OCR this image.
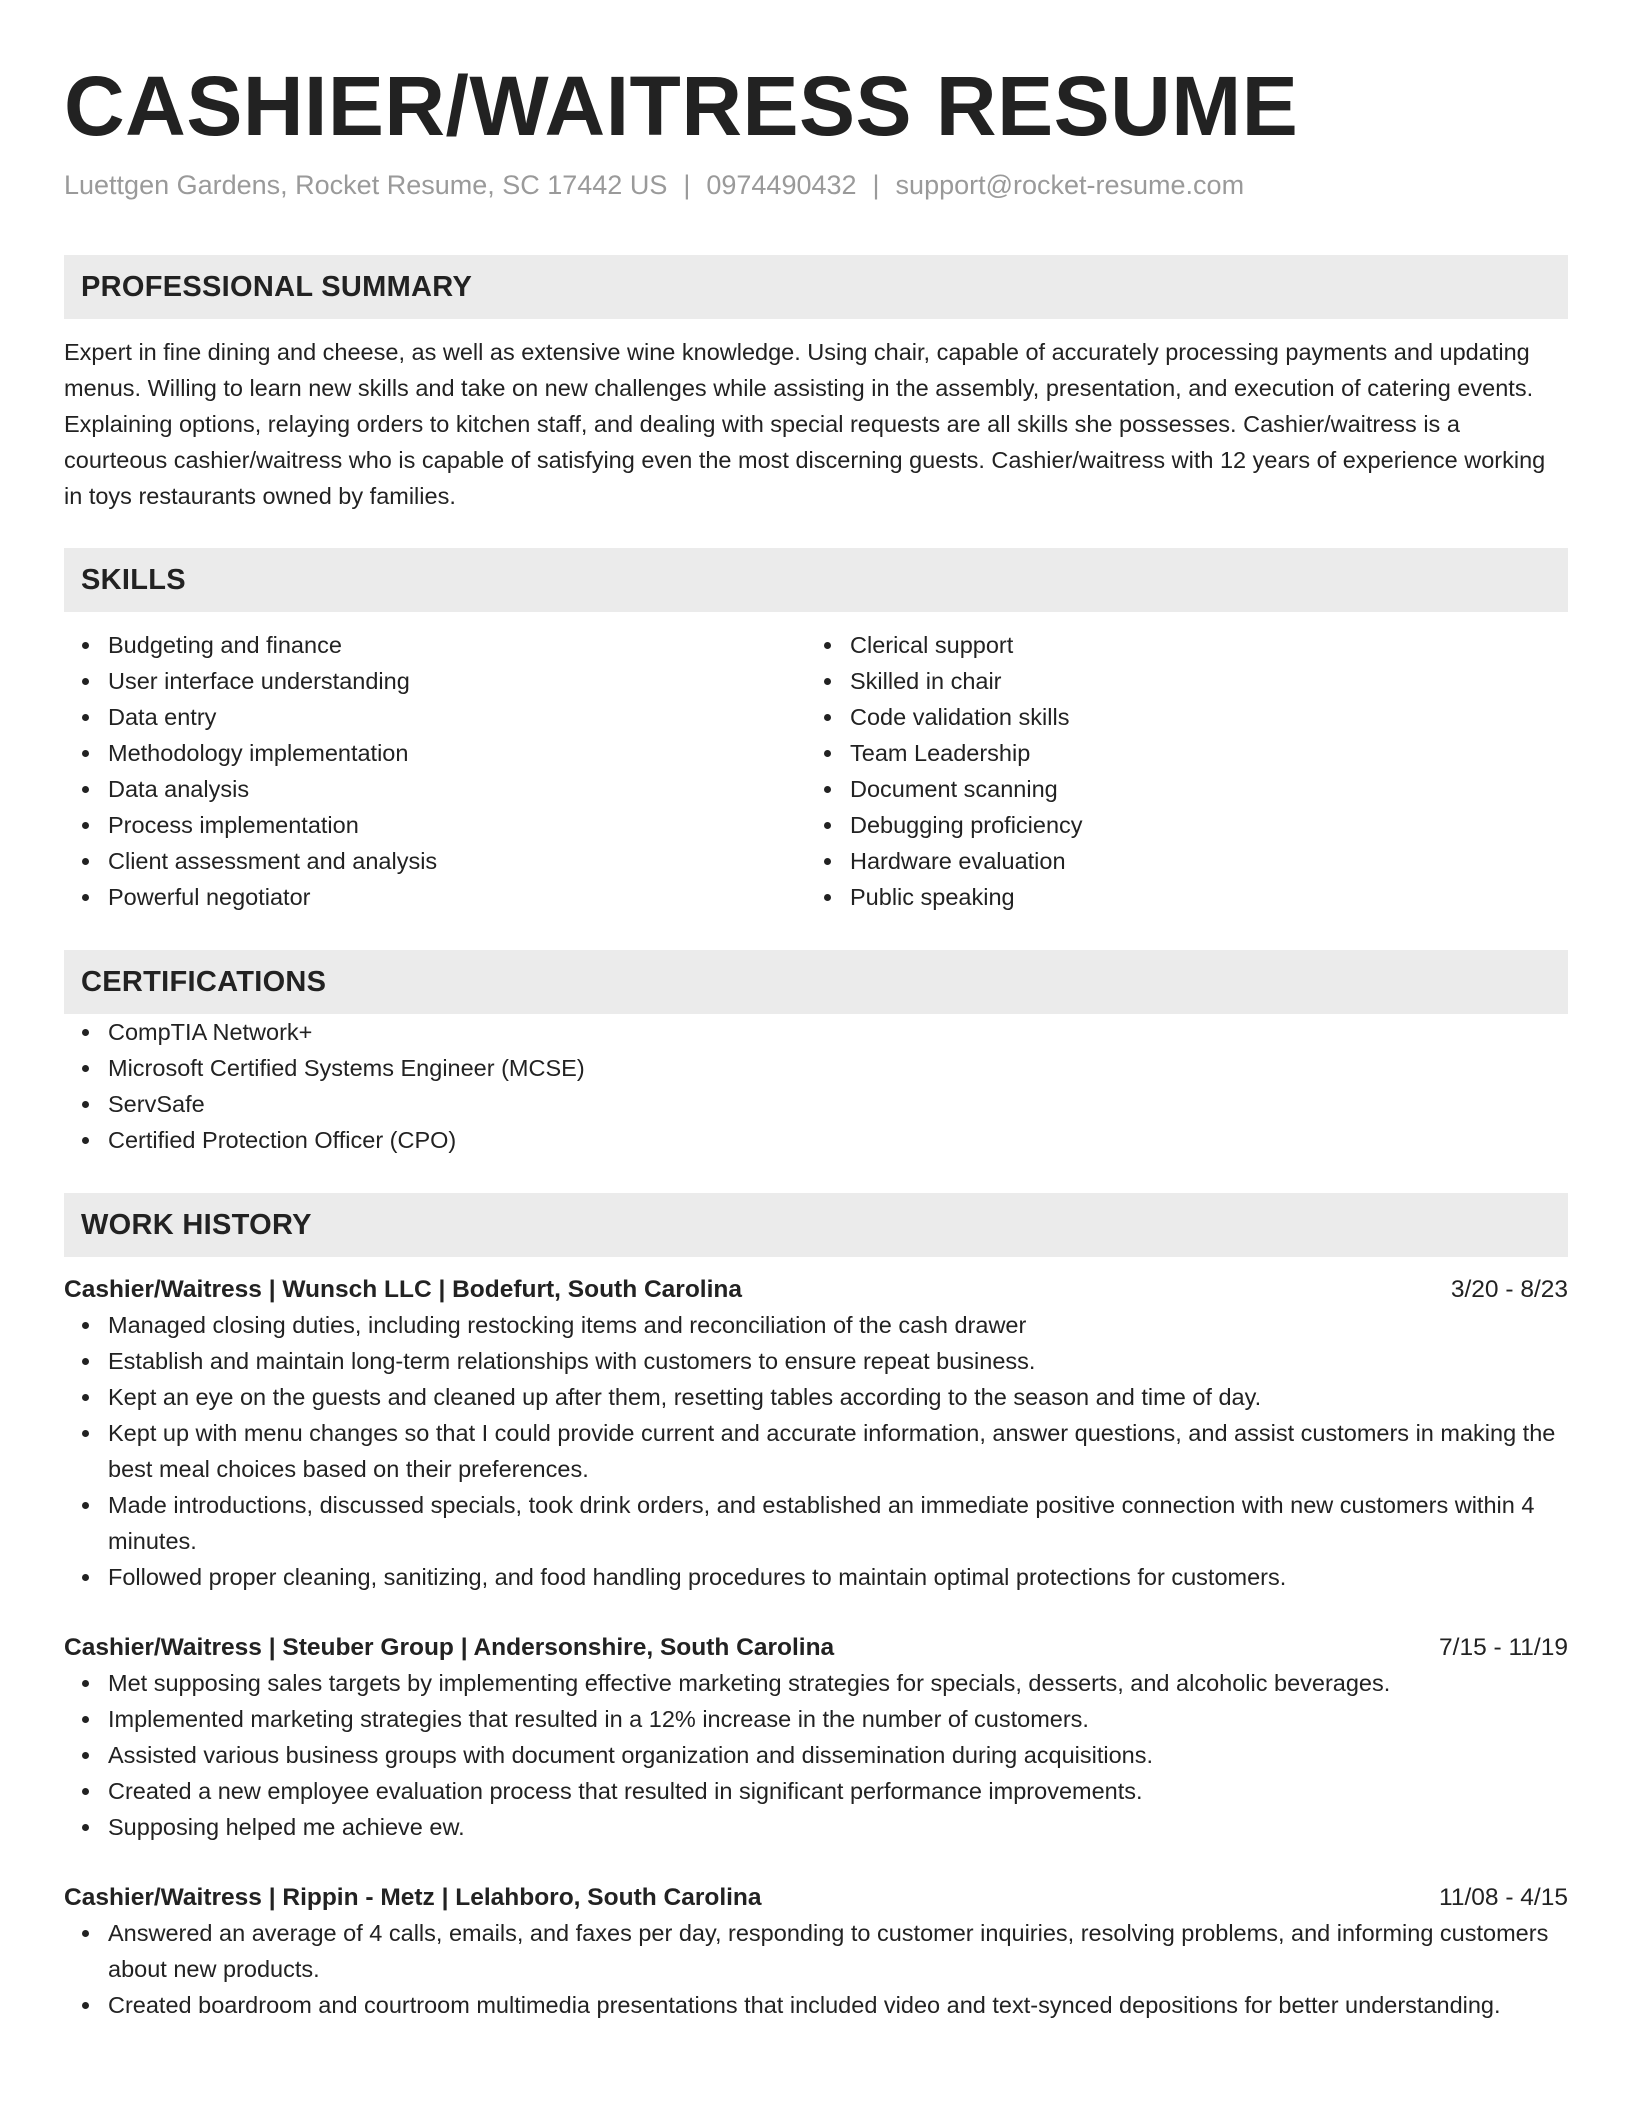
CASHIER/WAITRESS RESUME
Luettgen Gardens, Rocket Resume, SC 17442 US | 0974490432 | support@rocket-resume.com
PROFESSIONAL SUMMARY

Expert in fine dining and cheese, as well as extensive wine knowledge. Using chair, capable of accurately processing payments and updating menus. Willing to learn new skills and take on new challenges while assisting in the assembly, presentation, and execution of catering events. Explaining options, relaying orders to kitchen staff, and dealing with special requests are all skills she possesses. Cashier/waitress is a courteous cashier/waitress who is capable of satisfying even the most discerning guests. Cashier/waitress with 12 years of experience working in toys restaurants owned by families.

SKILLS
Budgeting and finance
User interface understanding
Data entry
Methodology implementation
Data analysis
Process implementation
Client assessment and analysis
Powerful negotiator
Clerical support
Skilled in chair
Code validation skills
Team Leadership
Document scanning
Debugging proficiency
Hardware evaluation
Public speaking
CERTIFICATIONS
CompTIA Network+
Microsoft Certified Systems Engineer (MCSE)
ServSafe
Certified Protection Officer (CPO)
WORK HISTORY
Cashier/Waitress | Wunsch LLC | Bodefurt, South Carolina	3/20 - 8/23
Managed closing duties, including restocking items and reconciliation of the cash drawer
Establish and maintain long-term relationships with customers to ensure repeat business.
Kept an eye on the guests and cleaned up after them, resetting tables according to the season and time of day.
Kept up with menu changes so that I could provide current and accurate information, answer questions, and assist customers in making the best meal choices based on their preferences.
Made introductions, discussed specials, took drink orders, and established an immediate positive connection with new customers within 4 minutes.
Followed proper cleaning, sanitizing, and food handling procedures to maintain optimal protections for customers.
Cashier/Waitress | Steuber Group | Andersonshire, South Carolina	7/15 - 11/19
Met supposing sales targets by implementing effective marketing strategies for specials, desserts, and alcoholic beverages.
Implemented marketing strategies that resulted in a 12% increase in the number of customers.
Assisted various business groups with document organization and dissemination during acquisitions.
Created a new employee evaluation process that resulted in significant performance improvements.
Supposing helped me achieve ew.
Cashier/Waitress | Rippin - Metz | Lelahboro, South Carolina	11/08 - 4/15
Answered an average of 4 calls, emails, and faxes per day, responding to customer inquiries, resolving problems, and informing customers about new products.
Created boardroom and courtroom multimedia presentations that included video and text-synced depositions for better understanding.
